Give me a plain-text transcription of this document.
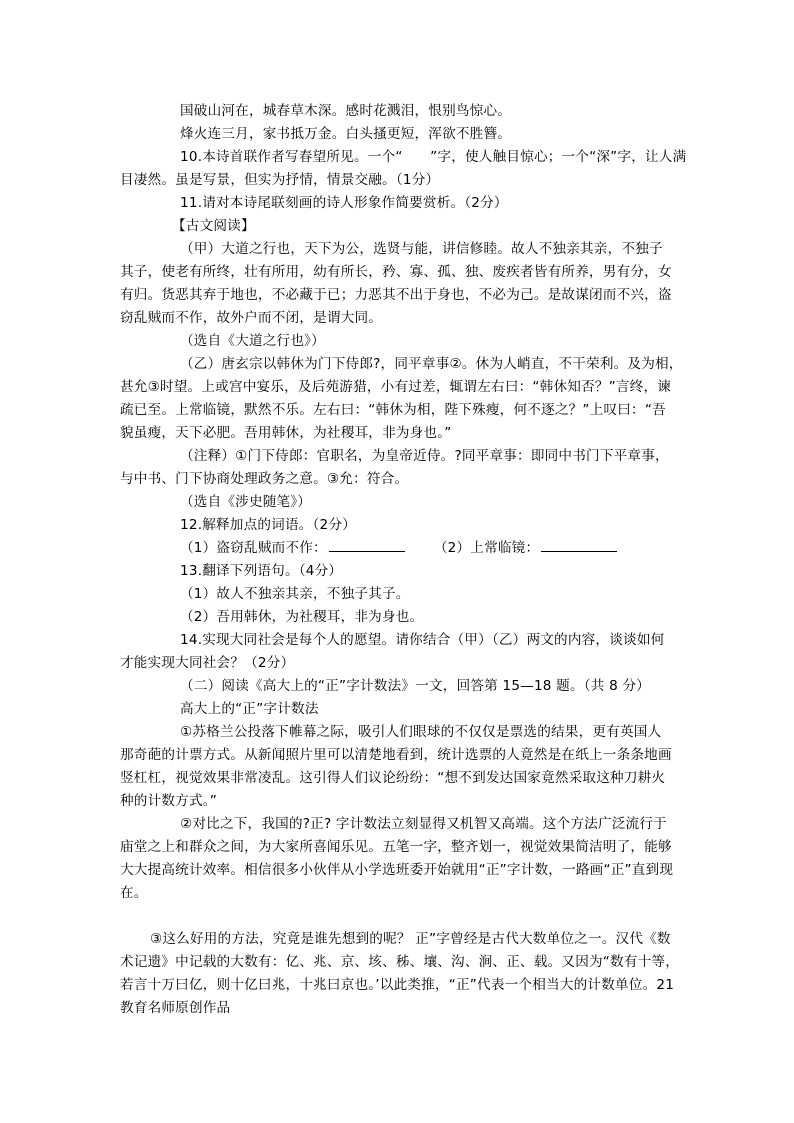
国破山河在，城春草木深。感时花溅泪，恨别鸟惊心。
烽火连三月，家书抵万金。白头搔更短，浑欲不胜簪。
10.本诗首联作者写春望所见。一个“　　”字，使人触目惊心；一个“深”字，让人满
目凄然。虽是写景，但实为抒情，情景交融。（1分）
11.请对本诗尾联刻画的诗人形象作简要赏析。（2分）
【古文阅读】
（甲）大道之行也，天下为公，选贤与能，讲信修睦。故人不独亲其亲，不独子
其子，使老有所终，壮有所用，幼有所长，矜、寡、孤、独、废疾者皆有所养，男有分，女
有归。货恶其弃于地也，不必藏于已；力恶其不出于身也，不必为己。是故谋闭而不兴，盗
窃乱贼而不作，故外户而不闭，是谓大同。
（选自《大道之行也》）
（乙）唐玄宗以韩休为门下侍郎?，同平章事②。休为人峭直，不干荣利。及为相，
甚允③时望。上或宫中宴乐，及后苑游猎，小有过差，辄谓左右曰：“韩休知否？”言终，谏
疏已至。上常临镜，默然不乐。左右曰：“韩休为相，陛下殊瘦，何不逐之？”上叹曰：“吾
貌虽瘦，天下必肥。吾用韩休，为社稷耳，非为身也。”
（注释）①门下侍郎：官职名，为皇帝近侍。?同平章事：即同中书门下平章事，
与中书、门下协商处理政务之意。③允：符合。
（选自《涉史随笔》）
12.解释加点的词语。（2分）
（1）盗窃乱贼而不作：	（2）上常临镜：
13.翻译下列语句。（4分）
（1）故人不独亲其亲，不独子其子。
（2）吾用韩休，为社稷耳，非为身也。
14.实现大同社会是每个人的愿望。请你结合（甲）（乙）两文的内容，谈谈如何
才能实现大同社会？（2分）
（二）阅读《高大上的“正”字计数法》一文，回答第 15—18 题。（共 8 分）
高大上的“正”字计数法
①苏格兰公投落下帷幕之际，吸引人们眼球的不仅仅是票选的结果，更有英国人
那奇葩的计票方式。从新闻照片里可以清楚地看到，统计选票的人竟然是在纸上一条条地画
竖杠杠，视觉效果非常凌乱。这引得人们议论纷纷：“想不到发达国家竟然采取这种刀耕火
种的计数方式。”
②对比之下，我国的?正? 字计数法立刻显得又机智又高端。这个方法广泛流行于
庙堂之上和群众之间，为大家所喜闻乐见。五笔一字，整齐划一，视觉效果简洁明了，能够
大大提高统计效率。相信很多小伙伴从小学选班委开始就用“正”字计数，一路画“正”直到现
在。
③这么好用的方法，究竟是谁先想到的呢？ 正”字曾经是古代大数单位之一。汉代《数
术记遗》中记载的大数有：亿、兆、京、垓、秭、壤、沟、涧、正、载。又因为“数有十等，
若言十万曰亿，则十亿曰兆，十兆曰京也。’以此类推，“正”代表一个相当大的计数单位。21
教育名师原创作品
